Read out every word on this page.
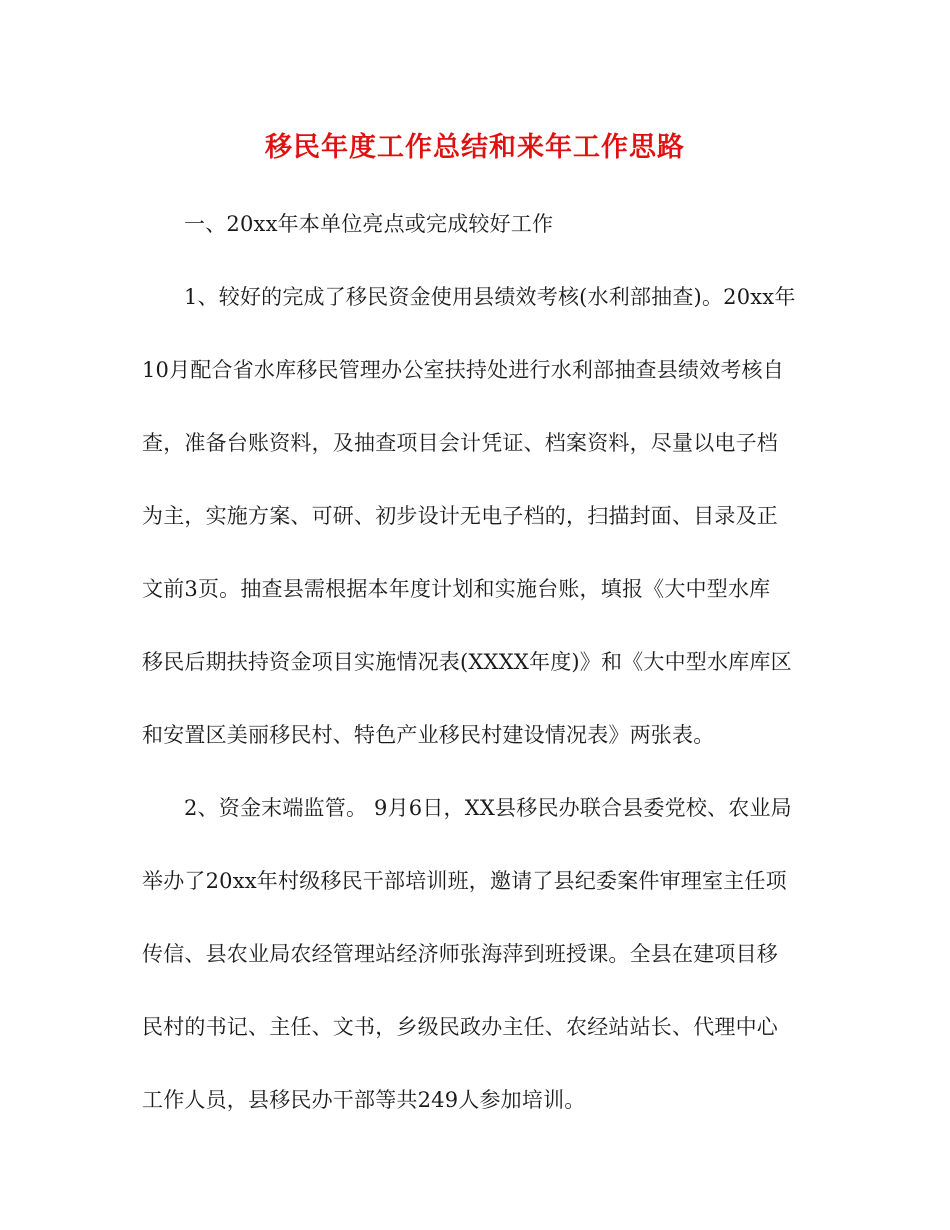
移民年度工作总结和来年工作思路
一、20xx年本单位亮点或完成较好工作
1、较好的完成了移民资金使用县绩效考核(水利部抽查)。20xx年
10月配合省水库移民管理办公室扶持处进行水利部抽查县绩效考核自
查，准备台账资料，及抽查项目会计凭证、档案资料，尽量以电子档
为主，实施方案、可研、初步设计无电子档的，扫描封面、目录及正
文前3页。抽查县需根据本年度计划和实施台账，填报《大中型水库
移民后期扶持资金项目实施情况表(XXXX年度)》和《大中型水库库区
和安置区美丽移民村、特色产业移民村建设情况表》两张表。
2、资金末端监管。 9月6日，XX县移民办联合县委党校、农业局
举办了20xx年村级移民干部培训班，邀请了县纪委案件审理室主任项
传信、县农业局农经管理站经济师张海萍到班授课。全县在建项目移
民村的书记、主任、文书，乡级民政办主任、农经站站长、代理中心
工作人员，县移民办干部等共249人参加培训。
